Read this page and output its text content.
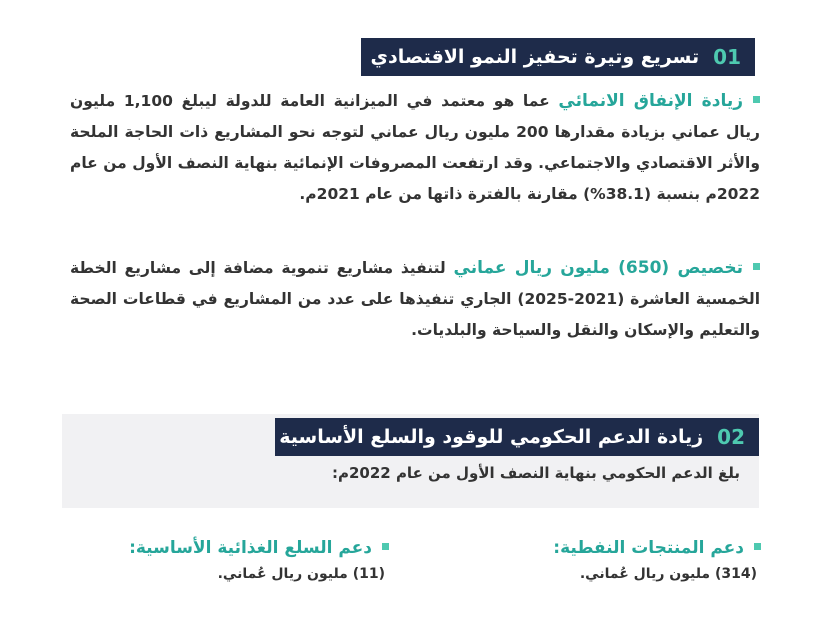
01
تسريع وتيرة تحفيز النمو الاقتصادي
زيادة الإنفاق الانمائي عما هو معتمد في الميزانية العامة للدولة ليبلغ 1,100 مليون ريال عماني بزيادة مقدارها 200 مليون ريال عماني لتوجه نحو المشاريع ذات الحاجة الملحة والأثر الاقتصادي والاجتماعي. وقد ارتفعت المصروفات الإنمائية بنهاية النصف الأول من عام 2022م بنسبة (38.1%) مقارنة بالفترة ذاتها من عام 2021م.
تخصيص (650) مليون ريال عماني لتنفيذ مشاريع تنموية مضافة إلى مشاريع الخطة الخمسية العاشرة (2021-2025) الجاري تنفيذها على عدد من المشاريع في قطاعات الصحة والتعليم والإسكان والنقل والسياحة والبلديات.
02
زيادة الدعم الحكومي للوقود والسلع الأساسية
بلغ الدعم الحكومي بنهاية النصف الأول من عام 2022م:
دعم المنتجات النفطية:
(314) مليون ريال عُماني.
دعم السلع الغذائية الأساسية:
(11) مليون ريال عُماني.
